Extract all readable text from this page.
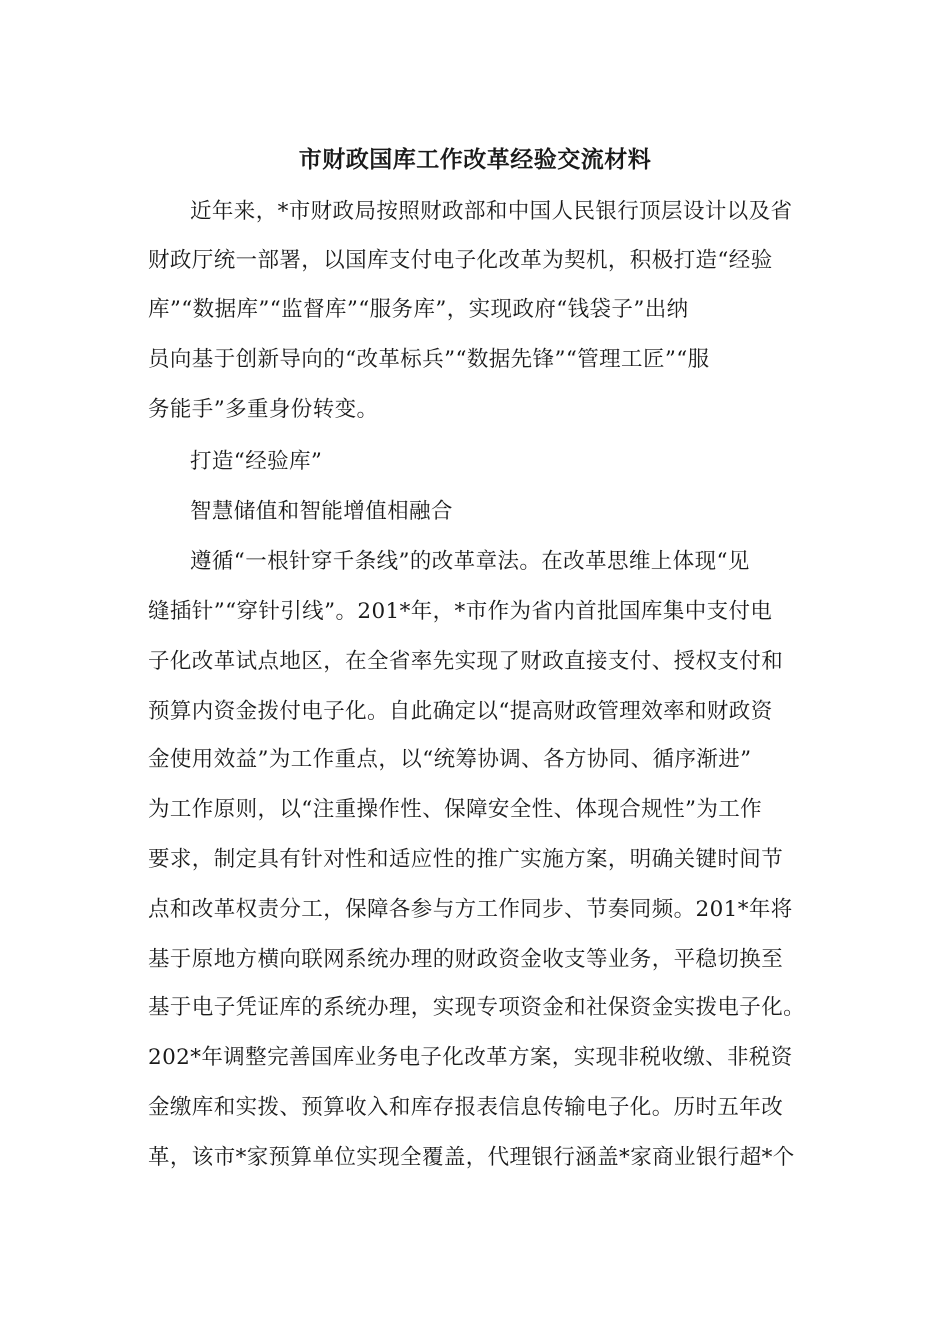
市财政国库工作改革经验交流材料
近年来，*市财政局按照财政部和中国人民银行顶层设计以及省
财政厅统一部署，以国库支付电子化改革为契机，积极打造“经验
库”“数据库”“监督库”“服务库”，实现政府“钱袋子”出纳
员向基于创新导向的“改革标兵”“数据先锋”“管理工匠”“服
务能手”多重身份转变。
打造“经验库”
智慧储值和智能增值相融合
遵循“一根针穿千条线”的改革章法。在改革思维上体现“见
缝插针”“穿针引线”。201*年，*市作为省内首批国库集中支付电
子化改革试点地区，在全省率先实现了财政直接支付、授权支付和
预算内资金拨付电子化。自此确定以“提高财政管理效率和财政资
金使用效益”为工作重点，以“统筹协调、各方协同、循序渐进”
为工作原则，以“注重操作性、保障安全性、体现合规性”为工作
要求，制定具有针对性和适应性的推广实施方案，明确关键时间节
点和改革权责分工，保障各参与方工作同步、节奏同频。201*年将
基于原地方横向联网系统办理的财政资金收支等业务，平稳切换至
基于电子凭证库的系统办理，实现专项资金和社保资金实拨电子化。
202*年调整完善国库业务电子化改革方案，实现非税收缴、非税资
金缴库和实拨、预算收入和库存报表信息传输电子化。历时五年改
革，该市*家预算单位实现全覆盖，代理银行涵盖*家商业银行超*个
